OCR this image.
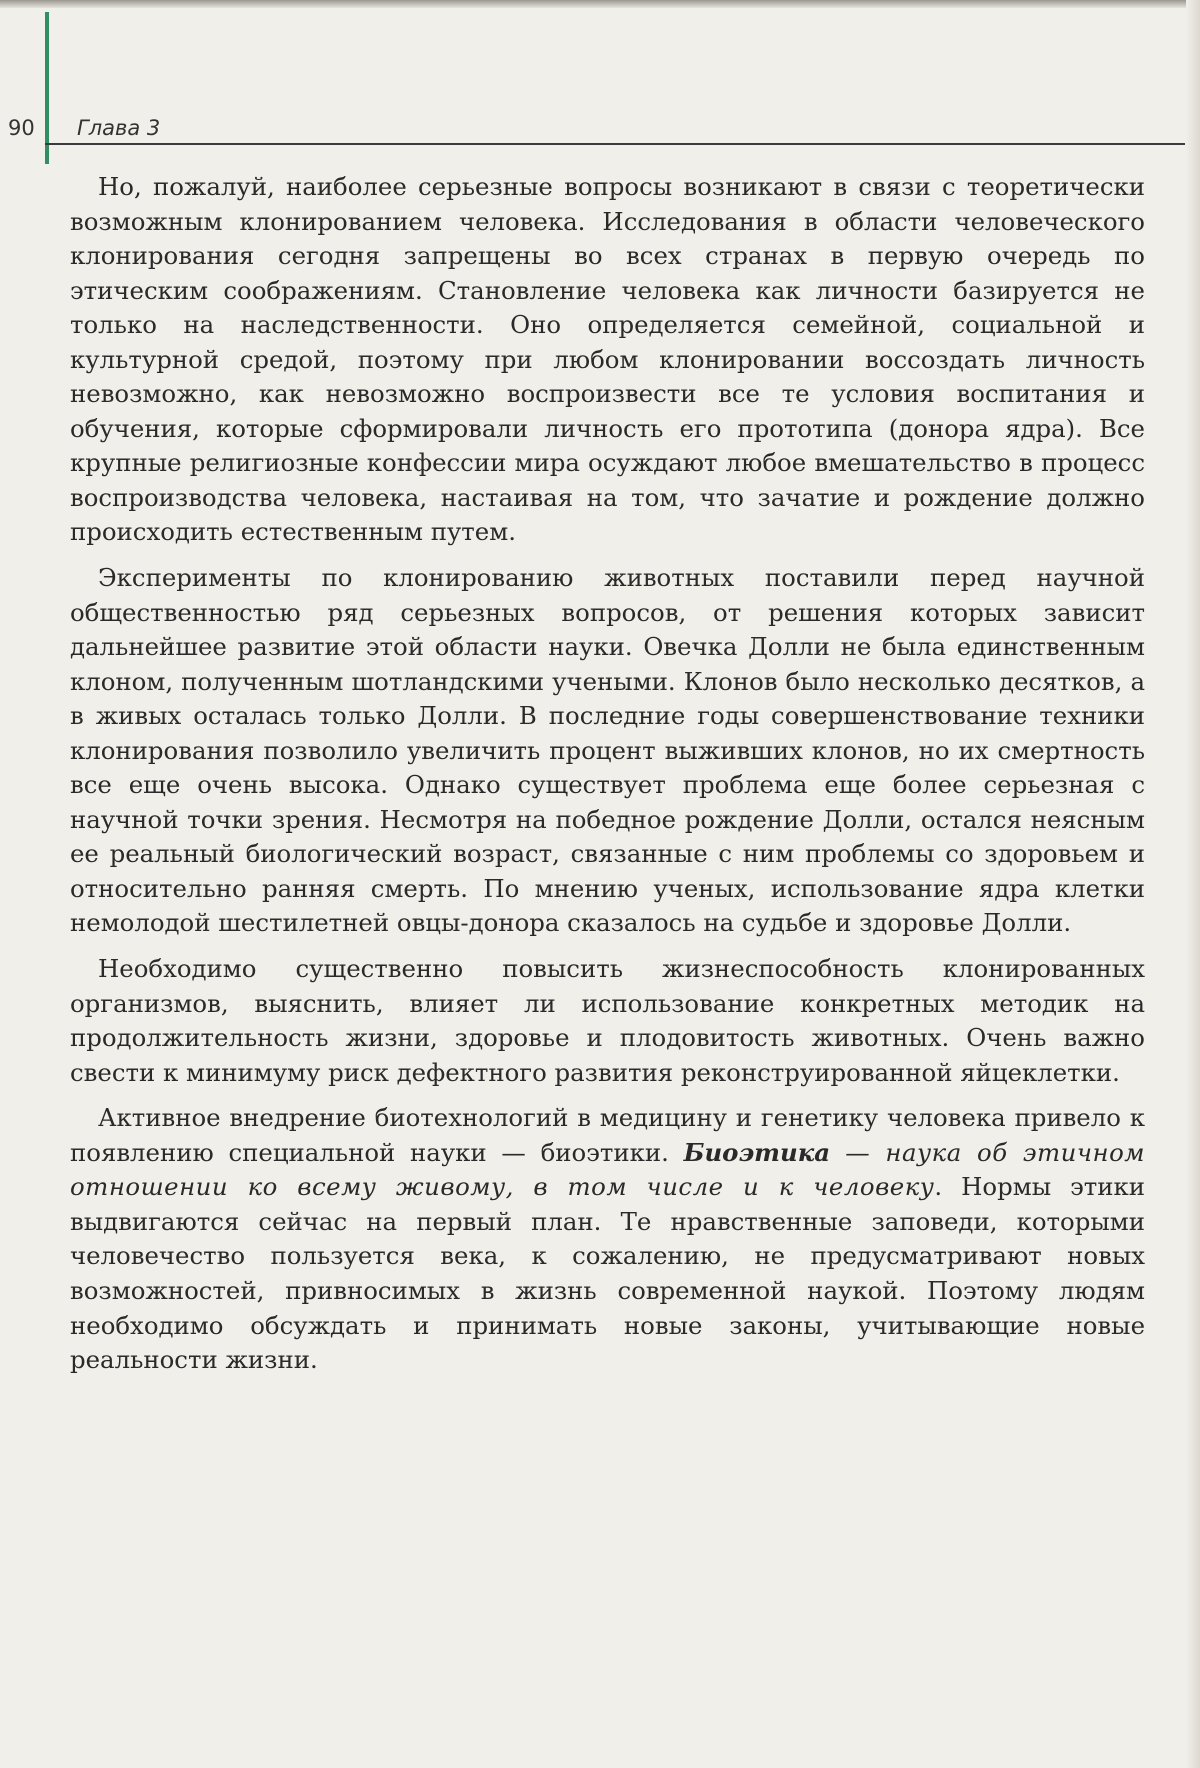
90 Глава 3

Но, пожалуй, наиболее серьезные вопросы возникают в связи с теоретически возможным клонированием человека. Исследования в области человеческого клонирования сегодня запрещены во всех странах в первую очередь по этическим соображениям. Становление человека как личности базируется не только на наследственности. Оно определяется семейной, социальной и культурной средой, поэтому при любом клонировании воссоздать личность невозможно, как невозможно воспроизвести все те условия воспитания и обучения, которые сформировали личность его прототипа (донора ядра). Все крупные религиозные конфессии мира осуждают любое вмешательство в процесс воспроизводства человека, настаивая на том, что зачатие и рождение должно происходить естественным путем.

Эксперименты по клонированию животных поставили перед научной общественностью ряд серьезных вопросов, от решения которых зависит дальнейшее развитие этой области науки. Овечка Долли не была единственным клоном, полученным шотландскими учеными. Клонов было несколько десятков, а в живых осталась только Долли. В последние годы совершенствование техники клонирования позволило увеличить процент выживших клонов, но их смертность все еще очень высока. Однако существует проблема еще более серьезная с научной точки зрения. Несмотря на победное рождение Долли, остался неясным ее реальный биологический возраст, связанные с ним проблемы со здоровьем и относительно ранняя смерть. По мнению ученых, использование ядра клетки немолодой шестилетней овцы-донора сказалось на судьбе и здоровье Долли.

Необходимо существенно повысить жизнеспособность клонированных организмов, выяснить, влияет ли использование конкретных методик на продолжительность жизни, здоровье и плодовитость животных. Очень важно свести к минимуму риск дефектного развития реконструированной яйцеклетки.

Активное внедрение биотехнологий в медицину и генетику человека привело к появлению специальной науки — биоэтики. Биоэтика — наука об этичном отношении ко всему живому, в том числе и к человеку. Нормы этики выдвигаются сейчас на первый план. Те нравственные заповеди, которыми человечество пользуется века, к сожалению, не предусматривают новых возможностей, привносимых в жизнь современной наукой. Поэтому людям необходимо обсуждать и принимать новые законы, учитывающие новые реальности жизни.
